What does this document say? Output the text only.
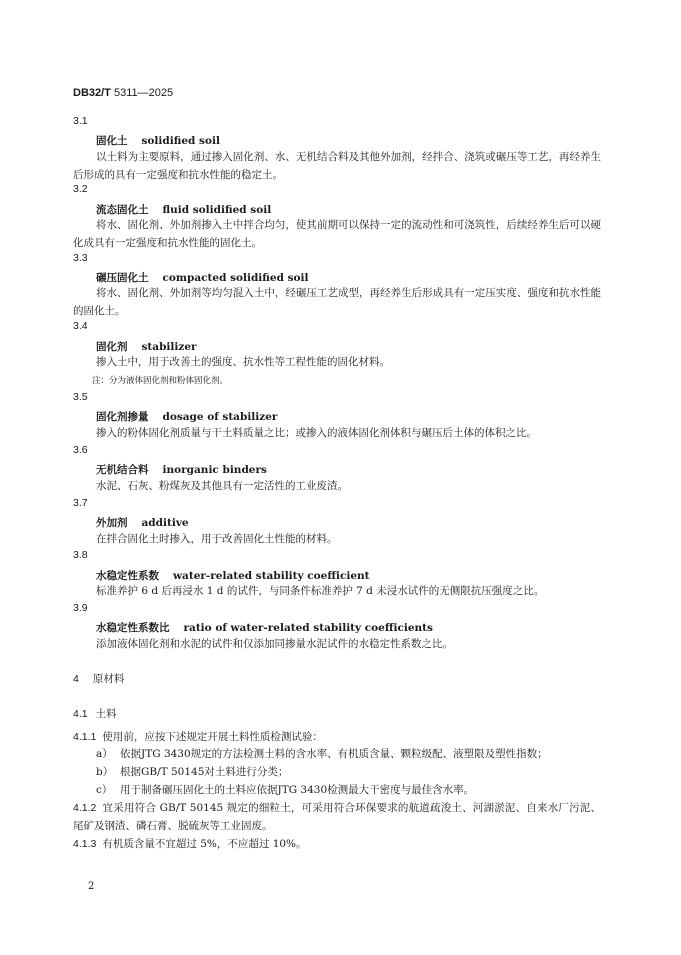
DB32/T 5311—2025
3.1
固化土 solidified soil
以土料为主要原料，通过掺入固化剂、水、无机结合料及其他外加剂，经拌合、浇筑或碾压等工艺，再经养生后形成的具有一定强度和抗水性能的稳定土。
3.2
流态固化土 fluid solidified soil
将水、固化剂、外加剂掺入土中拌合均匀，使其前期可以保持一定的流动性和可浇筑性，后续经养生后可以硬化成具有一定强度和抗水性能的固化土。
3.3
碾压固化土 compacted solidified soil
将水、固化剂、外加剂等均匀混入土中，经碾压工艺成型，再经养生后形成具有一定压实度、强度和抗水性能的固化土。
3.4
固化剂 stabilizer
掺入土中，用于改善土的强度、抗水性等工程性能的固化材料。
注：分为液体固化剂和粉体固化剂。
3.5
固化剂掺量 dosage of stabilizer
掺入的粉体固化剂质量与干土料质量之比；或掺入的液体固化剂体积与碾压后土体的体积之比。
3.6
无机结合料 inorganic binders
水泥、石灰、粉煤灰及其他具有一定活性的工业废渣。
3.7
外加剂 additive
在拌合固化土时掺入，用于改善固化土性能的材料。
3.8
水稳定性系数 water-related stability coefficient
标准养护 6 d 后再浸水 1 d 的试件，与同条件标准养护 7 d 未浸水试件的无侧限抗压强度之比。
3.9
水稳定性系数比 ratio of water-related stability coefficients
添加液体固化剂和水泥的试件和仅添加同掺量水泥试件的水稳定性系数之比。
4 原材料
4.1 土料
4.1.1 使用前，应按下述规定开展土料性质检测试验：
a） 依据JTG 3430规定的方法检测土料的含水率、有机质含量、颗粒级配、液塑限及塑性指数；
b） 根据GB/T 50145对土料进行分类；
c） 用于制备碾压固化土的土料应依据JTG 3430检测最大干密度与最佳含水率。
4.1.2 宜采用符合 GB/T 50145 规定的细粒土，可采用符合环保要求的航道疏浚土、河湖淤泥、自来水厂污泥、尾矿及钢渣、磷石膏、脱硫灰等工业固废。
4.1.3 有机质含量不宜超过 5%，不应超过 10%。
2
